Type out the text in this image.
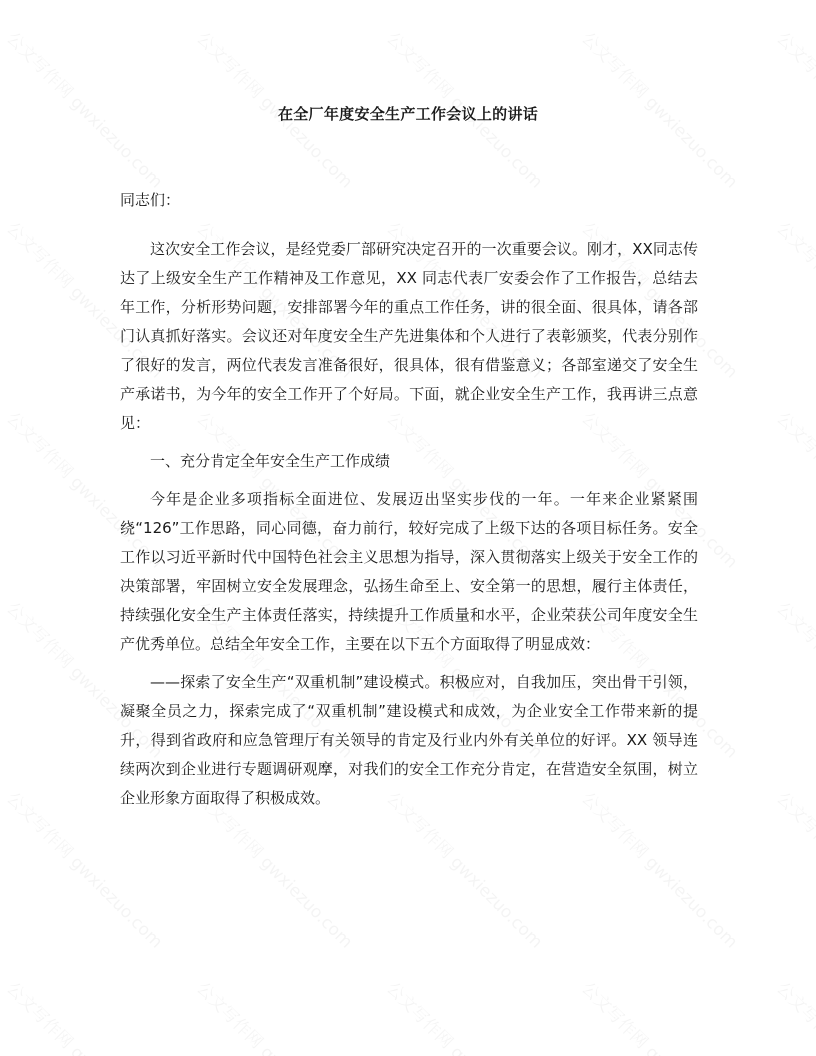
在全厂年度安全生产工作会议上的讲话

同志们：

这次安全工作会议，是经党委厂部研究决定召开的一次重要会议。刚才，XX同志传达了上级安全生产工作精神及工作意见，XX 同志代表厂安委会作了工作报告，总结去年工作，分析形势问题，安排部署今年的重点工作任务，讲的很全面、很具体，请各部门认真抓好落实。会议还对年度安全生产先进集体和个人进行了表彰颁奖，代表分别作了很好的发言，两位代表发言准备很好，很具体，很有借鉴意义；各部室递交了安全生产承诺书，为今年的安全工作开了个好局。下面，就企业安全生产工作，我再讲三点意见：

一、充分肯定全年安全生产工作成绩

今年是企业多项指标全面进位、发展迈出坚实步伐的一年。一年来企业紧紧围绕“126”工作思路，同心同德，奋力前行，较好完成了上级下达的各项目标任务。安全工作以习近平新时代中国特色社会主义思想为指导，深入贯彻落实上级关于安全工作的决策部署，牢固树立安全发展理念，弘扬生命至上、安全第一的思想，履行主体责任，持续强化安全生产主体责任落实，持续提升工作质量和水平，企业荣获公司年度安全生产优秀单位。总结全年安全工作，主要在以下五个方面取得了明显成效：

——探索了安全生产“双重机制”建设模式。积极应对，自我加压，突出骨干引领，凝聚全员之力，探索完成了“双重机制”建设模式和成效，为企业安全工作带来新的提升，得到省政府和应急管理厅有关领导的肯定及行业内外有关单位的好评。XX 领导连续两次到企业进行专题调研观摩，对我们的安全工作充分肯定，在营造安全氛围，树立企业形象方面取得了积极成效。
